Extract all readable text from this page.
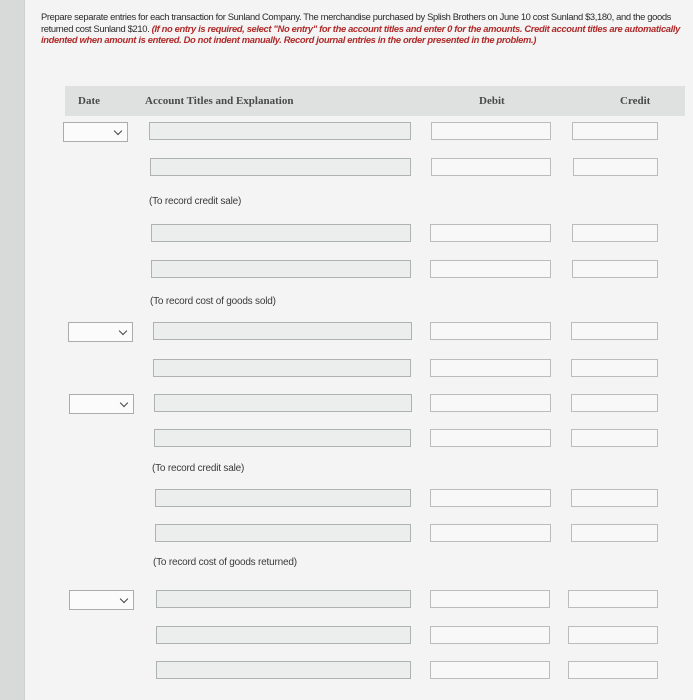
Prepare separate entries for each transaction for Sunland Company. The merchandise purchased by Splish Brothers on June 10 cost Sunland $3,180, and the goods returned cost Sunland $210. (If no entry is required, select "No entry" for the account titles and enter 0 for the amounts. Credit account titles are automatically indented when amount is entered. Do not indent manually. Record journal entries in the order presented in the problem.)
Date	Account Titles and Explanation	Debit	Credit
(To record credit sale)
(To record cost of goods sold)
(To record credit sale)
(To record cost of goods returned)
